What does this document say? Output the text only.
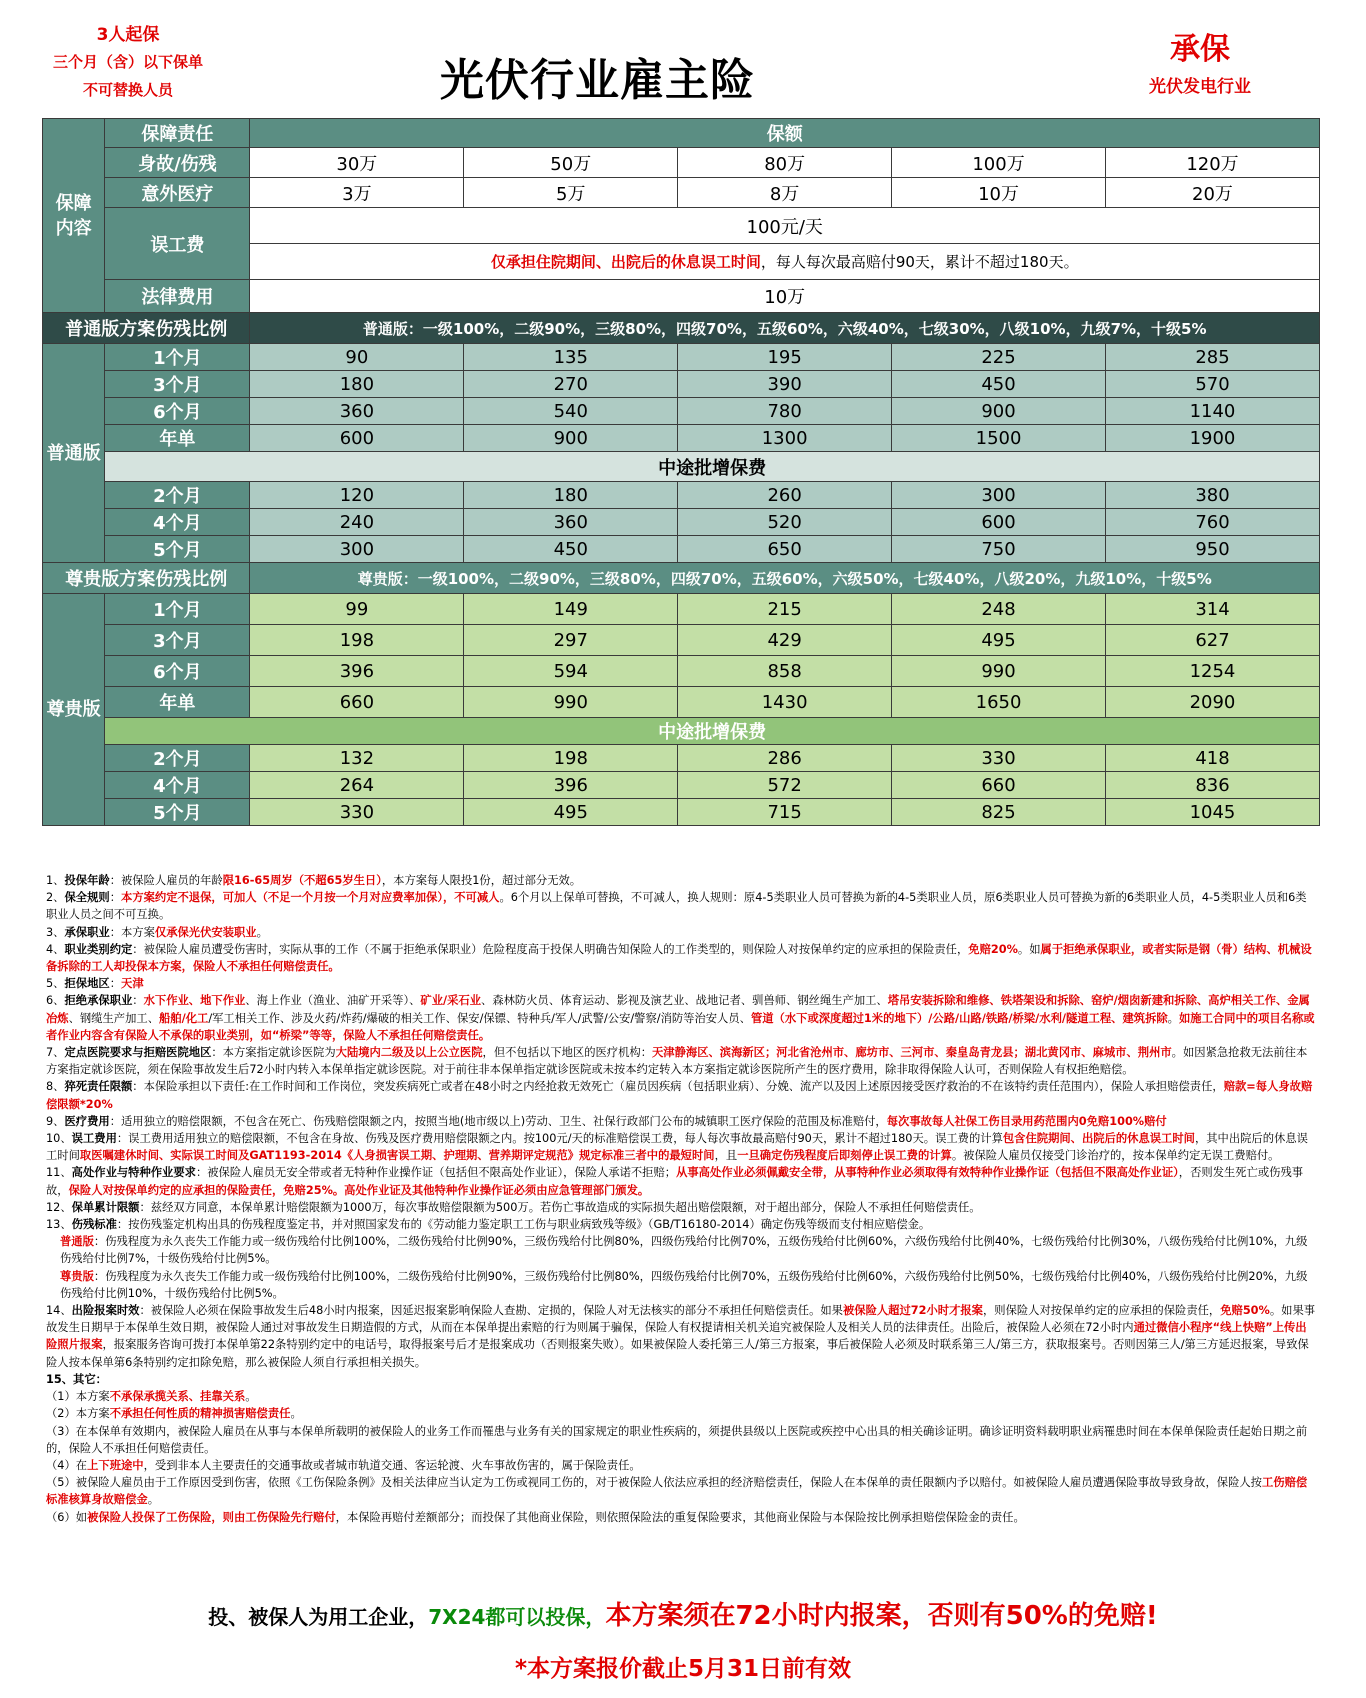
3人起保
三个月（含）以下保单
不可替换人员	光伏行业雇主险
承保
光伏发电行业
保障内容	保障责任	保额				
	身故/伤残	30万	50万	80万	100万	120万
	意外医疗	3万	5万	8万	10万	20万
	误工费	100元/天				
		仅承担住院期间、出院后的休息误工时间，每人每次最高赔付90天，累计不超过180天。				
	法律费用	10万				
普通版方案伤残比例		普通版：一级100%，二级90%，三级80%，四级70%，五级60%，六级40%，七级30%，八级10%，九级7%，十级5%				
普通版	1个月	90	135	195	225	285
	3个月	180	270	390	450	570
	6个月	360	540	780	900	1140
	年单	600	900	1300	1500	1900
	中途批增保费					
	2个月	120	180	260	300	380
	4个月	240	360	520	600	760
	5个月	300	450	650	750	950
尊贵版方案伤残比例		尊贵版：一级100%，二级90%，三级80%，四级70%，五级60%，六级50%，七级40%，八级20%，九级10%，十级5%				
尊贵版	1个月	99	149	215	248	314
	3个月	198	297	429	495	627
	6个月	396	594	858	990	1254
	年单	660	990	1430	1650	2090
	中途批增保费					
	2个月	132	198	286	330	418
	4个月	264	396	572	660	836
	5个月	330	495	715	825	1045

1、投保年龄：被保险人雇员的年龄限16-65周岁（不超65岁生日），本方案每人限投1份，超过部分无效。

2、保全规则：本方案约定不退保，可加人（不足一个月按一个月对应费率加保），不可减人。6个月以上保单可替换，不可减人，换人规则：原4-5类职业人员可替换为新的4-5类职业人员，原6类职业人员可替换为新的6类职业人员，4-5类职业人员和6类职业人员之间不可互换。

3、承保职业：本方案仅承保光伏安装职业。

4、职业类别约定：被保险人雇员遭受伤害时，实际从事的工作（不属于拒绝承保职业）危险程度高于投保人明确告知保险人的工作类型的，则保险人对按保单约定的应承担的保险责任，免赔20%。如属于拒绝承保职业，或者实际是钢（骨）结构、机械设备拆除的工人却投保本方案，保险人不承担任何赔偿责任。

5、拒保地区：天津

6、拒绝承保职业：水下作业、地下作业、海上作业（渔业、油矿开采等）、矿业/采石业、森林防火员、体育运动、影视及演艺业、战地记者、驯兽师、钢丝绳生产加工、塔吊安装拆除和维修、铁塔架设和拆除、窑炉/烟囱新建和拆除、高炉相关工作、金属冶炼、钢缆生产加工、船舶/化工/军工相关工作、涉及火药/炸药/爆破的相关工作、保安/保镖、特种兵/军人/武警/公安/警察/消防等治安人员、管道（水下或深度超过1米的地下）/公路/山路/铁路/桥梁/水利/隧道工程、建筑拆除。如施工合同中的项目名称或者作业内容含有保险人不承保的职业类别，如“桥梁”等等，保险人不承担任何赔偿责任。

7、定点医院要求与拒赔医院地区：本方案指定就诊医院为大陆境内二级及以上公立医院，但不包括以下地区的医疗机构：天津静海区、滨海新区；河北省沧州市、廊坊市、三河市、秦皇岛青龙县；湖北黄冈市、麻城市、荆州市。如因紧急抢救无法前往本方案指定就诊医院，须在保险事故发生后72小时内转入本保单指定就诊医院。对于前往非本保单指定就诊医院或未按本约定转入本方案指定就诊医院所产生的医疗费用，除非取得保险人认可，否则保险人有权拒绝赔偿。

8、猝死责任限额：本保险承担以下责任:在工作时间和工作岗位，突发疾病死亡或者在48小时之内经抢救无效死亡（雇员因疾病（包括职业病）、分娩、流产以及因上述原因接受医疗救治的不在该特约责任范围内），保险人承担赔偿责任，赔款=每人身故赔偿限额*20%

9、医疗费用：适用独立的赔偿限额，不包含在死亡、伤残赔偿限额之内，按照当地(地市级以上)劳动、卫生、社保行政部门公布的城镇职工医疗保险的范围及标准赔付，每次事故每人社保工伤目录用药范围内0免赔100%赔付

10、误工费用：误工费用适用独立的赔偿限额，不包含在身故、伤残及医疗费用赔偿限额之内。按100元/天的标准赔偿误工费，每人每次事故最高赔付90天，累计不超过180天。误工费的计算包含住院期间、出院后的休息误工时间，其中出院后的休息误工时间取医嘱建休时间、实际误工时间及GAT1193-2014《人身损害误工期、护理期、营养期评定规范》规定标准三者中的最短时间，且一旦确定伤残程度后即刻停止误工费的计算。被保险人雇员仅接受门诊治疗的，按本保单约定无误工费赔付。

11、高处作业与特种作业要求：被保险人雇员无安全带或者无特种作业操作证（包括但不限高处作业证），保险人承诺不拒赔；从事高处作业必须佩戴安全带，从事特种作业必须取得有效特种作业操作证（包括但不限高处作业证），否则发生死亡或伤残事故，保险人对按保单约定的应承担的保险责任，免赔25%。高处作业证及其他特种作业操作证必须由应急管理部门颁发。

12、保单累计限额：兹经双方同意，本保单累计赔偿限额为1000万，每次事故赔偿限额为500万。若伤亡事故造成的实际损失超出赔偿限额，对于超出部分，保险人不承担任何赔偿责任。

13、伤残标准：按伤残鉴定机构出具的伤残程度鉴定书，并对照国家发布的《劳动能力鉴定职工工伤与职业病致残等级》（GB/T16180-2014）确定伤残等级而支付相应赔偿金。

普通版：伤残程度为永久丧失工作能力或一级伤残给付比例100%，二级伤残给付比例90%，三级伤残给付比例80%，四级伤残给付比例70%，五级伤残给付比例60%，六级伤残给付比例40%，七级伤残给付比例30%，八级伤残给付比例10%，九级伤残给付比例7%，十级伤残给付比例5%。

尊贵版：伤残程度为永久丧失工作能力或一级伤残给付比例100%，二级伤残给付比例90%，三级伤残给付比例80%，四级伤残给付比例70%，五级伤残给付比例60%，六级伤残给付比例50%，七级伤残给付比例40%，八级伤残给付比例20%，九级伤残给付比例10%，十级伤残给付比例5%。

14、出险报案时效：被保险人必须在保险事故发生后48小时内报案，因延迟报案影响保险人查勘、定损的，保险人对无法核实的部分不承担任何赔偿责任。如果被保险人超过72小时才报案，则保险人对按保单约定的应承担的保险责任，免赔50%。如果事故发生日期早于本保单生效日期，被保险人通过对事故发生日期造假的方式，从而在本保单提出索赔的行为则属于骗保，保险人有权提请相关机关追究被保险人及相关人员的法律责任。出险后，被保险人必须在72小时内通过微信小程序“线上快赔”上传出险照片报案，报案服务咨询可拨打本保单第22条特别约定中的电话号，取得报案号后才是报案成功（否则报案失败）。如果被保险人委托第三人/第三方报案，事后被保险人必须及时联系第三人/第三方，获取报案号。否则因第三人/第三方延迟报案，导致保险人按本保单第6条特别约定扣除免赔，那么被保险人须自行承担相关损失。

15、其它：

（1）本方案不承保承揽关系、挂靠关系。

（2）本方案不承担任何性质的精神损害赔偿责任。

（3）在本保单有效期内，被保险人雇员在从事与本保单所载明的被保险人的业务工作而罹患与业务有关的国家规定的职业性疾病的，须提供县级以上医院或疾控中心出具的相关确诊证明。确诊证明资料载明职业病罹患时间在本保单保险责任起始日期之前的，保险人不承担任何赔偿责任。

（4）在上下班途中，受到非本人主要责任的交通事故或者城市轨道交通、客运轮渡、火车事故伤害的，属于保险责任。

（5）被保险人雇员由于工作原因受到伤害，依照《工伤保险条例》及相关法律应当认定为工伤或视同工伤的，对于被保险人依法应承担的经济赔偿责任，保险人在本保单的责任限额内予以赔付。如被保险人雇员遭遇保险事故导致身故，保险人按工伤赔偿标准核算身故赔偿金。

（6）如被保险人投保了工伤保险，则由工伤保险先行赔付，本保险再赔付差额部分；而投保了其他商业保险，则依照保险法的重复保险要求，其他商业保险与本保险按比例承担赔偿保险金的责任。

投、被保人为用工企业，7X24都可以投保，本方案须在72小时内报案，否则有50%的免赔!
*本方案报价截止5月31日前有效
